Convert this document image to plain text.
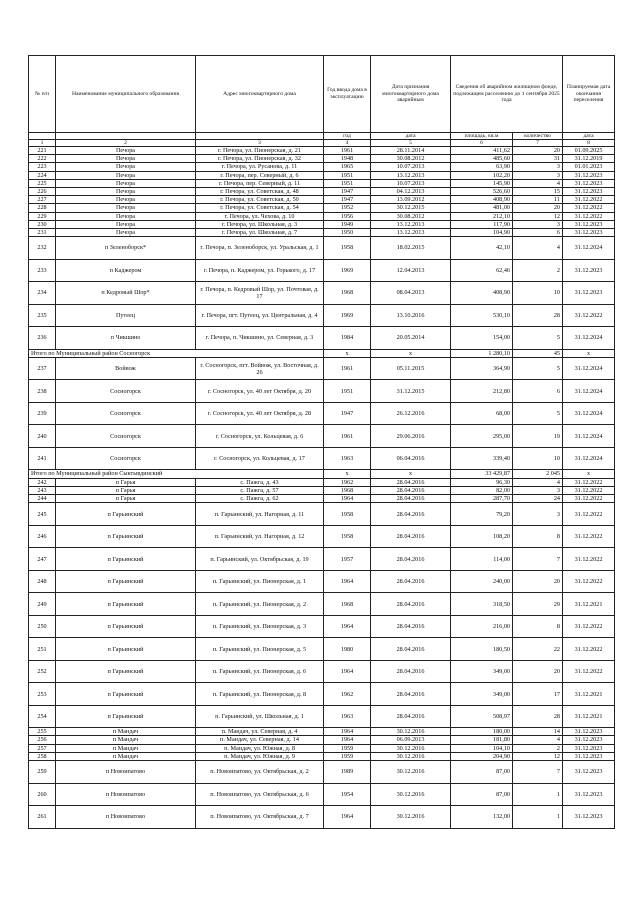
№ п/п	Наименование муниципального образования	Адрес многоквартирного дома	Год ввода дома в эксплуатацию	Дата признания многоквартирного дома аварийным	Сведения об аварийном жилищном фонде, подлежащем расселению до 1 сентября 2025 года		Планируемая дата окончания переселения
			год	дата	площадь, кв.м	количество	дата
1	2	3	4	5	6	7	8
221	Печора	г. Печора, ул. Пионерская, д. 21	1961	28.11.2014	411,62	20	01.09.2025
222	Печора	г. Печора, ул. Пионерская, д. 32	1948	30.08.2012	485,60	31	31.12.2019
223	Печора	г. Печора, ул. Русанова, д. 11	1965	10.07.2013	63,90	3	01.01.2023
224	Печора	г. Печора, пер. Северный, д. 6	1951	13.12.2013	102,20	3	31.12.2023
225	Печора	г. Печора, пер. Северный, д. 11	1951	10.07.2013	145,90	4	31.12.2023
226	Печора	г. Печора, ул. Советская, д. 48	1947	04.12.2013	526,60	15	31.12.2023
227	Печора	г. Печора, ул. Советская, д. 50	1947	13.09.2012	408,90	11	31.12.2022
228	Печора	г. Печора, ул. Советская, д. 54	1952	30.12.2015	481,00	20	31.12.2022
229	Печора	г. Печора, ул. Чехова, д. 10	1956	30.08.2012	212,10	12	31.12.2022
230	Печора	г. Печора, ул. Школьная, д. 3	1949	13.12.2013	117,90	3	31.12.2023
231	Печора	г. Печора, ул. Школьная, д. 7	1950	13.12.2013	104,90	6	31.12.2023
232	п Зеленоборск*	г. Печора, п. Зеленоборск, ул. Уральская, д. 1	1958	18.02.2015	42,10	4	31.12.2024
233	п Каджером	г. Печора, п. Каджером, ул. Горького, д. 17	1969	12.04.2013	62,46	2	31.12.2023
234	п Кедровый Шор*	г. Печора, п. Кедровый Шор, ул. Почтовая, д. 17	1968	08.04.2013	408,90	10	31.12.2023
235	Путеец	г. Печора, пгт. Путеец, ул. Центральная, д. 4	1969	13.10.2016	530,10	28	31.12.2022
236	п Чикшино	г. Печора, п. Чикшино, ул. Северная, д. 3	1984	20.05.2014	154,00	5	31.12.2024
Итого по Муниципальный район Сосногорск			x	x	1 280,10	45	x
237	Войвож	г. Сосногорск, пгт. Войвож, ул. Восточная, д. 26	1961	05.11.2015	364,90	5	31.12.2024
238	Сосногорск	г. Сосногорск, ул. 40 лет Октября, д. 20	1951	31.12.2015	212,80	6	31.12.2024
239	Сосногорск	г. Сосногорск, ул. 40 лет Октября, д. 28	1947	26.12.2016	68,00	5	31.12.2024
240	Сосногорск	г. Сосногорск, ул. Кольцевая, д. 6	1961	29.06.2016	295,00	19	31.12.2024
241	Сосногорск	г. Сосногорск, ул. Кольцевая, д. 17	1963	06.04.2016	339,40	10	31.12.2024
Итого по Муниципальный район Сыктывдинский			x	x	33 429,87	2 045	x
242	п Гарья	с. Пажга, д. 43	1962	28.04.2016	96,30	4	31.12.2022
243	п Гарья	с. Пажга, д. 57	1968	28.04.2016	82,00	3	31.12.2022
244	п Гарья	с. Пажга, д. 62	1964	28.04.2016	287,70	24	31.12.2022
245	п Гарьинский	п. Гарьинский, ул. Нагорная, д. 11	1958	28.04.2016	79,20	3	31.12.2022
246	п Гарьинский	п. Гарьинский, ул. Нагорная, д. 12	1958	28.04.2016	108,20	8	31.12.2022
247	п Гарьинский	п. Гарьинский, ул. Октябрьская, д. 19	1957	28.04.2016	114,00	7	31.12.2022
248	п Гарьинский	п. Гарьинский, ул. Пионерская, д. 1	1964	28.04.2016	240,00	20	31.12.2022
249	п Гарьинский	п. Гарьинский, ул. Пионерская, д. 2	1968	28.04.2016	318,50	29	31.12.2021
250	п Гарьинский	п. Гарьинский, ул. Пионерская, д. 3	1964	28.04.2016	216,00	8	31.12.2022
251	п Гарьинский	п. Гарьинский, ул. Пионерская, д. 5	1980	28.04.2016	180,50	22	31.12.2022
252	п Гарьинский	п. Гарьинский, ул. Пионерская, д. 6	1964	28.04.2016	349,00	20	31.12.2022
253	п Гарьинский	п. Гарьинский, ул. Пионерская, д. 8	1962	28.04.2016	349,00	17	31.12.2021
254	п Гарьинский	п. Гарьинский, ул. Школьная, д. 1	1963	28.04.2016	508,97	28	31.12.2021
255	п Мандач	п. Мандач, ул. Северная, д. 4	1964	30.12.2016	180,00	14	31.12.2023
256	п Мандач	п. Мандач, ул. Северная, д. 14	1964	06.09.2013	181,80	4	31.12.2023
257	п Мандач	п. Мандач, ул. Южная, д. 8	1959	30.12.2016	104,10	2	31.12.2023
258	п Мандач	п. Мандач, ул. Южная, д. 9	1959	30.12.2016	204,90	12	31.12.2023
259	п Новоипатово	п. Новоипатово, ул. Октябрьская, д. 2	1989	30.12.2016	87,00	7	31.12.2023
260	п Новоипатово	п. Новоипатово, ул. Октябрьская, д. 6	1954	30.12.2016	87,00	1	31.12.2023
261	п Новоипатово	п. Новоипатово, ул. Октябрьская, д. 7	1964	30.12.2016	132,00	1	31.12.2023
